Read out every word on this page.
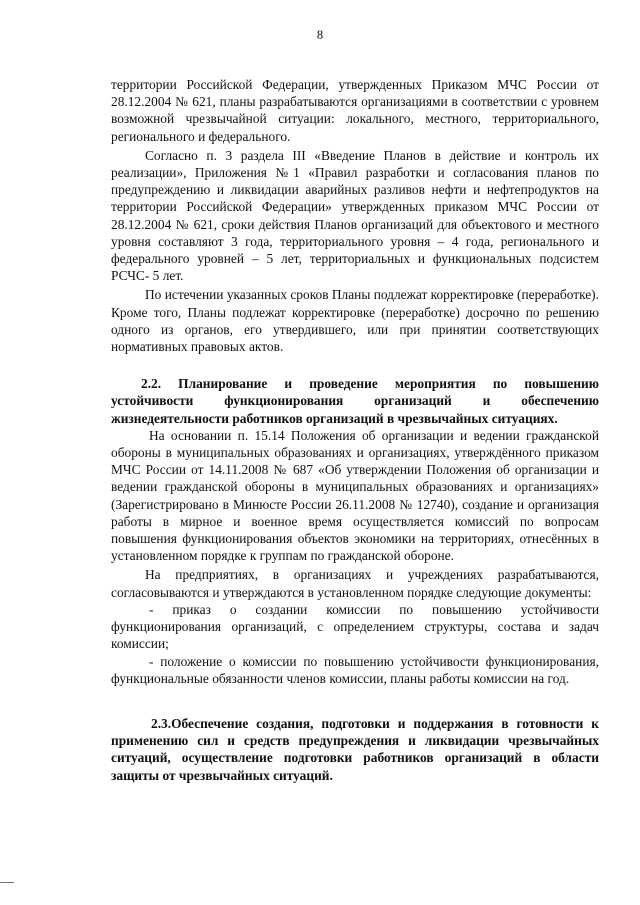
8

территории Российской Федерации, утвержденных Приказом МЧС России от 28.12.2004 № 621, планы разрабатываются организациями в соответствии с уровнем возможной чрезвычайной ситуации: локального, местного, территориального, регионального и федерального.

Согласно п. 3 раздела III «Введение Планов в действие и контроль их реализации», Приложения №1 «Правил разработки и согласования планов по предупреждению и ликвидации аварийных разливов нефти и нефтепродуктов на территории Российской Федерации» утвержденных приказом МЧС России от 28.12.2004 № 621, сроки действия Планов организаций для объектового и местного уровня составляют 3 года, территориального уровня – 4 года, регионального и федерального уровней – 5 лет, территориальных и функциональных подсистем РСЧС- 5 лет.

По истечении указанных сроков Планы подлежат корректировке (переработке). Кроме того, Планы подлежат корректировке (переработке) досрочно по решению одного из органов, его утвердившего, или при принятии соответствующих нормативных правовых актов.

2.2. Планирование и проведение мероприятия по повышению устойчивости функционирования организаций и обеспечению жизнедеятельности работников организаций в чрезвычайных ситуациях.

На основании п. 15.14 Положения об организации и ведении гражданской обороны в муниципальных образованиях и организациях, утверждённого приказом МЧС России от 14.11.2008 № 687 «Об утверждении Положения об организации и ведении гражданской обороны в муниципальных образованиях и организациях» (Зарегистрировано в Минюсте России 26.11.2008 № 12740), создание и организация работы в мирное и военное время осуществляется комиссий по вопросам повышения функционирования объектов экономики на территориях, отнесённых в установленном порядке к группам по гражданской обороне.

На предприятиях, в организациях и учреждениях разрабатываются, согласовываются и утверждаются в установленном порядке следующие документы:

- приказ о создании комиссии по повышению устойчивости функционирования организаций, с определением структуры, состава и задач комиссии;

- положение о комиссии по повышению устойчивости функционирования, функциональные обязанности членов комиссии, планы работы комиссии на год.

2.3.Обеспечение создания, подготовки и поддержания в готовности к применению сил и средств предупреждения и ликвидации чрезвычайных ситуаций, осуществление подготовки работников организаций в области защиты от чрезвычайных ситуаций.
